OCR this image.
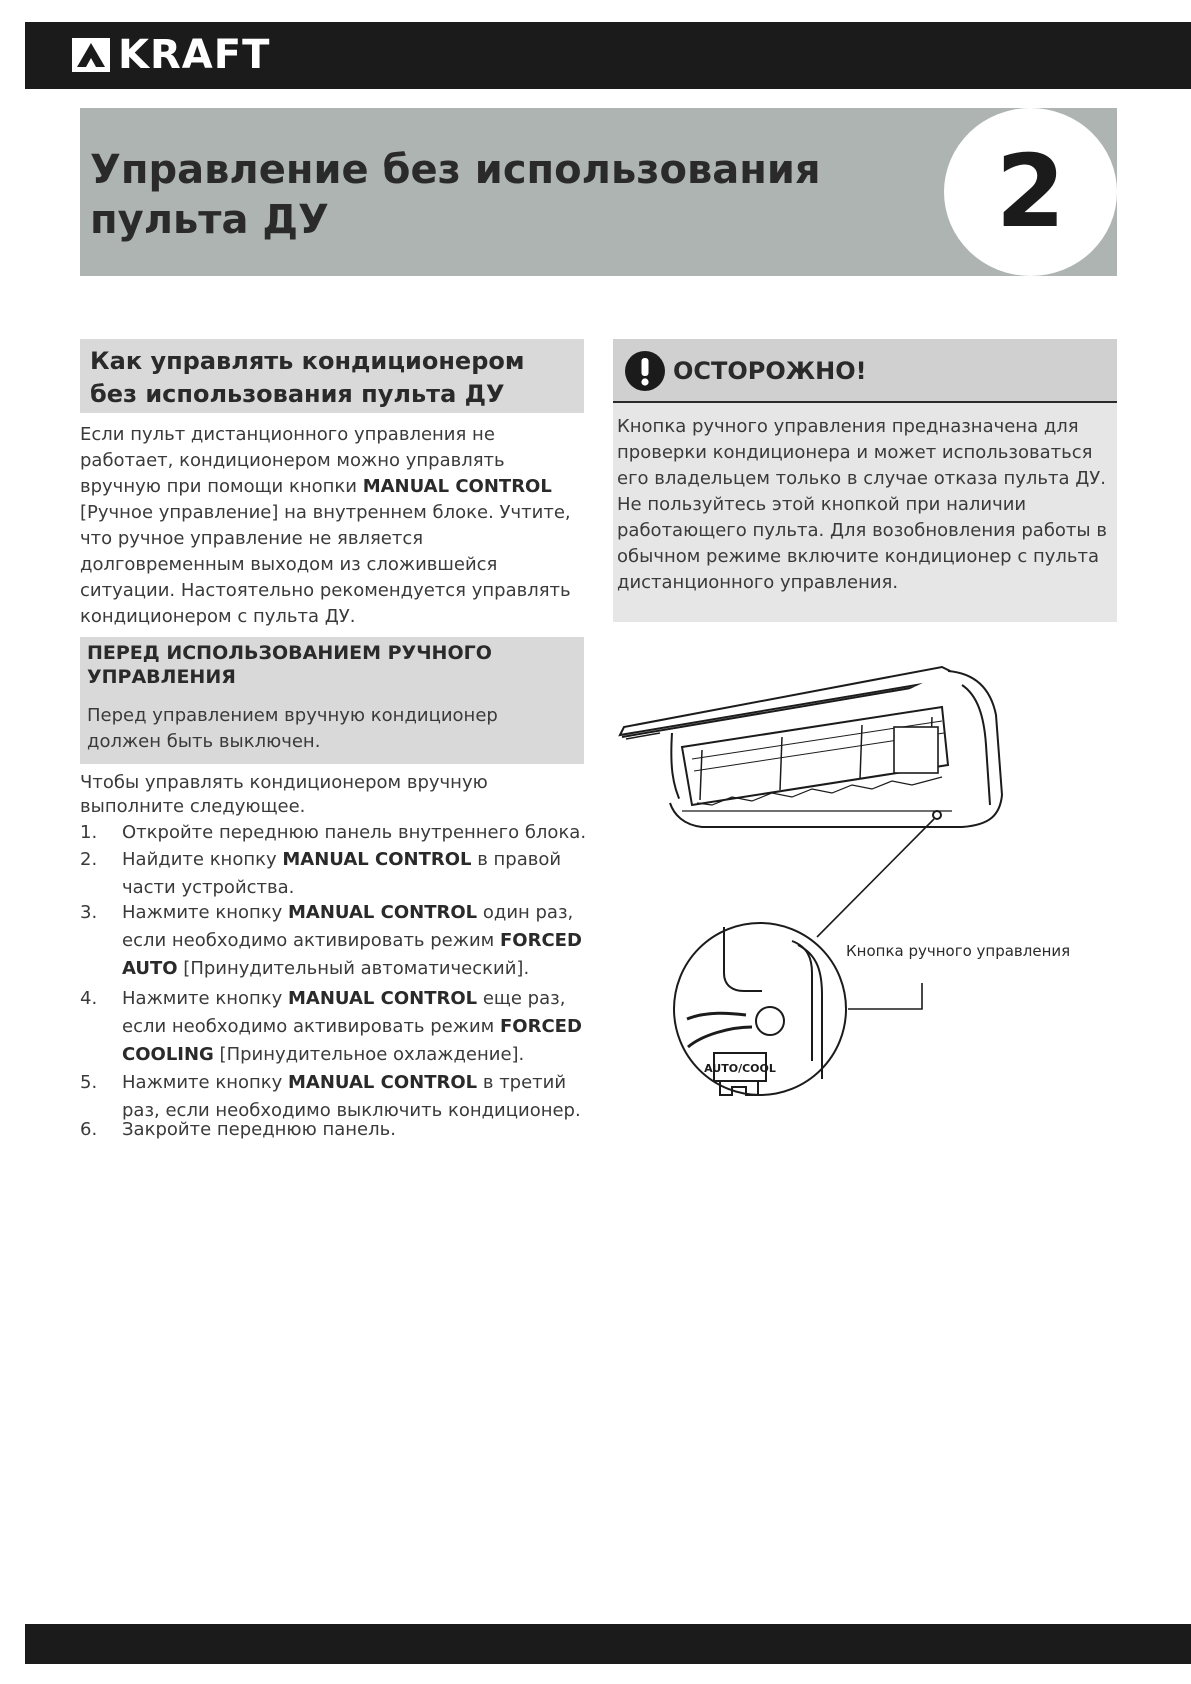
KRAFT
Управление без использования
пульта ДУ	2
Как управлять кондиционером
без использования пульта ДУ
Если пульт дистанционного управления не работает, кондиционером можно управлять вручную при помощи кнопки MANUAL CONTROL [Ручное управление] на внутреннем блоке. Учтите, что ручное управление не является долговременным выходом из сложившейся ситуации. Настоятельно рекомендуется управлять кондиционером с пульта ДУ.
ПЕРЕД ИСПОЛЬЗОВАНИЕМ РУЧНОГО УПРАВЛЕНИЯ
Перед управлением вручную кондиционер должен быть выключен.
Чтобы управлять кондиционером вручную выполните следующее.
1.	Откройте переднюю панель внутреннего блока.
2.	Найдите кнопку MANUAL CONTROL в правой части устройства.
3.	Нажмите кнопку MANUAL CONTROL один раз, если необходимо активировать режим FORCED AUTO [Принудительный автоматический].
4.	Нажмите кнопку MANUAL CONTROL еще раз, если необходимо активировать режим FORCED COOLING [Принудительное охлаждение].
5.	Нажмите кнопку MANUAL CONTROL в третий раз, если необходимо выключить кондиционер.
6.	Закройте переднюю панель.
ОСТОРОЖНО!
Кнопка ручного управления предназначена для проверки кондиционера и может использоваться его владельцем только в случае отказа пульта ДУ. Не пользуйтесь этой кнопкой при наличии работающего пульта. Для возобновления работы в обычном режиме включите кондиционер с пульта дистанционного управления.
AUTO/COOL
Кнопка ручного управления
